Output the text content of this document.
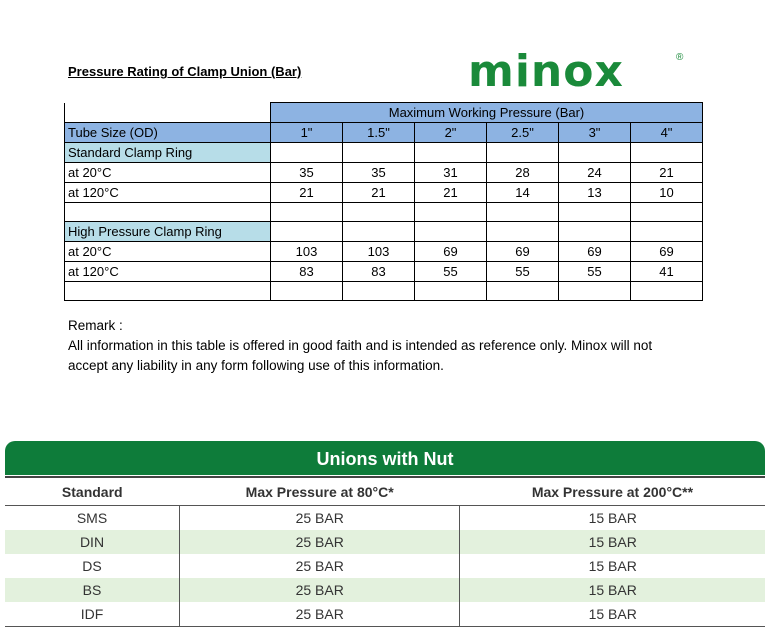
Pressure Rating of Clamp Union (Bar)	minox	®
	Maximum Working Pressure (Bar)					
Tube Size (OD)	1"	1.5"	2"	2.5"	3"	4"
Standard Clamp Ring						
at 20°C	35	35	31	28	24	21
at 120°C	21	21	21	14	13	10

High Pressure Clamp Ring						
at 20°C	103	103	69	69	69	69
at 120°C	83	83	55	55	55	41

Remark :

All information in this table is offered in good faith and is intended as reference only. Minox will not

accept any liability in any form following use of this information.

Unions with Nut
Standard	Max Pressure at 80°C*	Max Pressure at 200°C**
SMS	25 BAR	15 BAR
DIN	25 BAR	15 BAR
DS	25 BAR	15 BAR
BS	25 BAR	15 BAR
IDF	25 BAR	15 BAR
